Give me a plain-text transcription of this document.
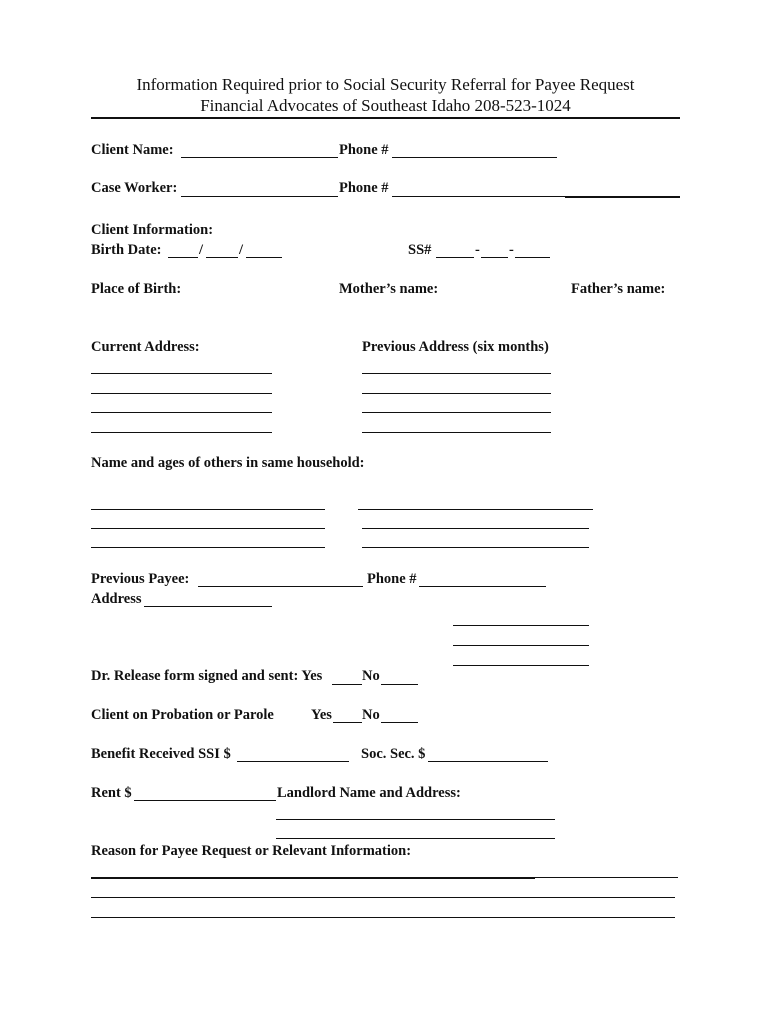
Information Required prior to Social Security Referral for Payee Request
Financial Advocates of Southeast Idaho 208-523-1024
Client Name:	Phone #
Case Worker:	Phone #
Client Information:
Birth Date:	/ /	SS#	- -
Place of Birth:	Mother’s name:	Father’s name:
Current Address:	Previous Address (six months)
Name and ages of others in same household:
Previous Payee:	Phone #
Address
Dr. Release form signed and sent: Yes	No
Client on Probation or Parole	Yes No
Benefit Received SSI $	Soc. Sec. $
Rent $	Landlord Name and Address:
Reason for Payee Request or Relevant Information:
